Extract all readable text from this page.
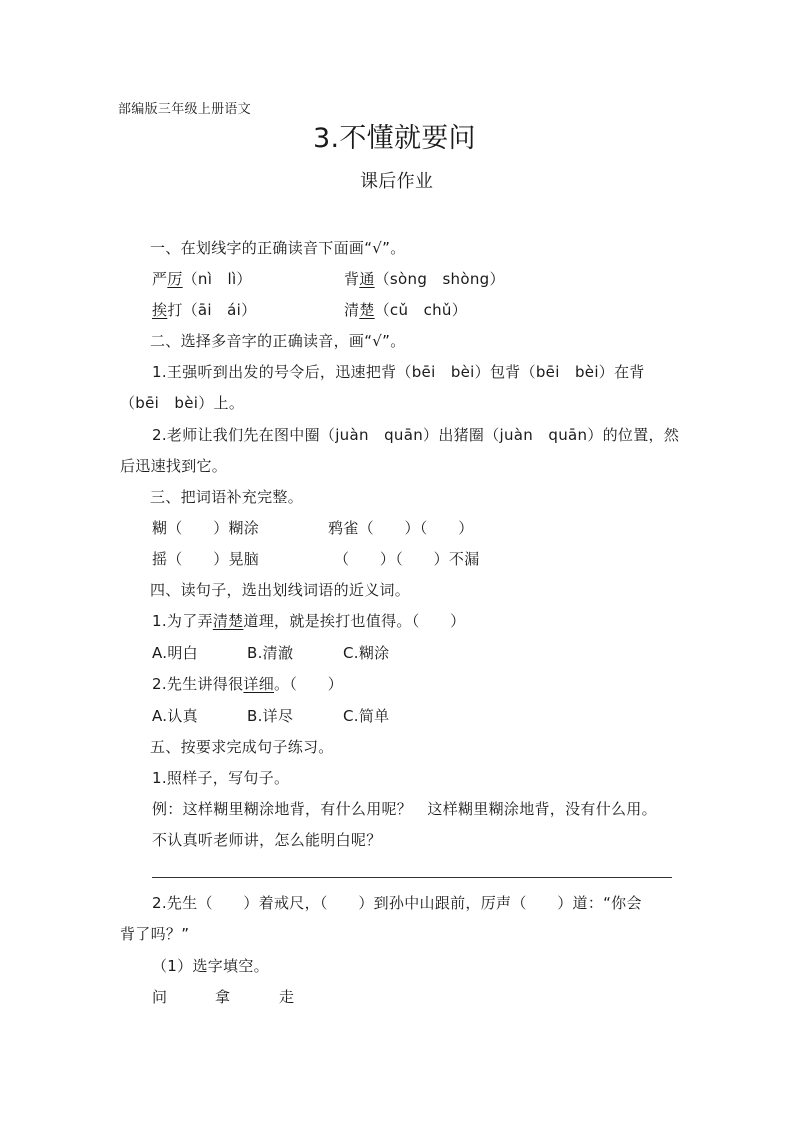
部编版三年级上册语文
3.不懂就要问
课后作业
一、在划线字的正确读音下面画“√”。
严厉（nì　lì）	背通（sòng　shòng）
挨打（āi　ái）	清楚（cǔ　chǔ）
二、选择多音字的正确读音，画“√”。
1.王强听到出发的号令后，迅速把背（bēi　bèi）包背（bēi　bèi）在背
（bēi　bèi）上。
2.老师让我们先在图中圈（juàn　quān）出猪圈（juàn　quān）的位置，然
后迅速找到它。
三、把词语补充完整。
糊（　　）糊涂	鸦雀（　　）（　　）
摇（　　）晃脑	（　　）（　　）不漏
四、读句子，选出划线词语的近义词。
1.为了弄清楚道理，就是挨打也值得。（　　）
A.明白	B.清澈	C.糊涂
2.先生讲得很详细。（　　）
A.认真	B.详尽	C.简单
五、按要求完成句子练习。
1.照样子，写句子。
例：这样糊里糊涂地背，有什么用呢？　这样糊里糊涂地背，没有什么用。
不认真听老师讲，怎么能明白呢？
2.先生（　　）着戒尺，（　　）到孙中山跟前，厉声（　　）道：“你会
背了吗？”
（1）选字填空。
问	拿	走
